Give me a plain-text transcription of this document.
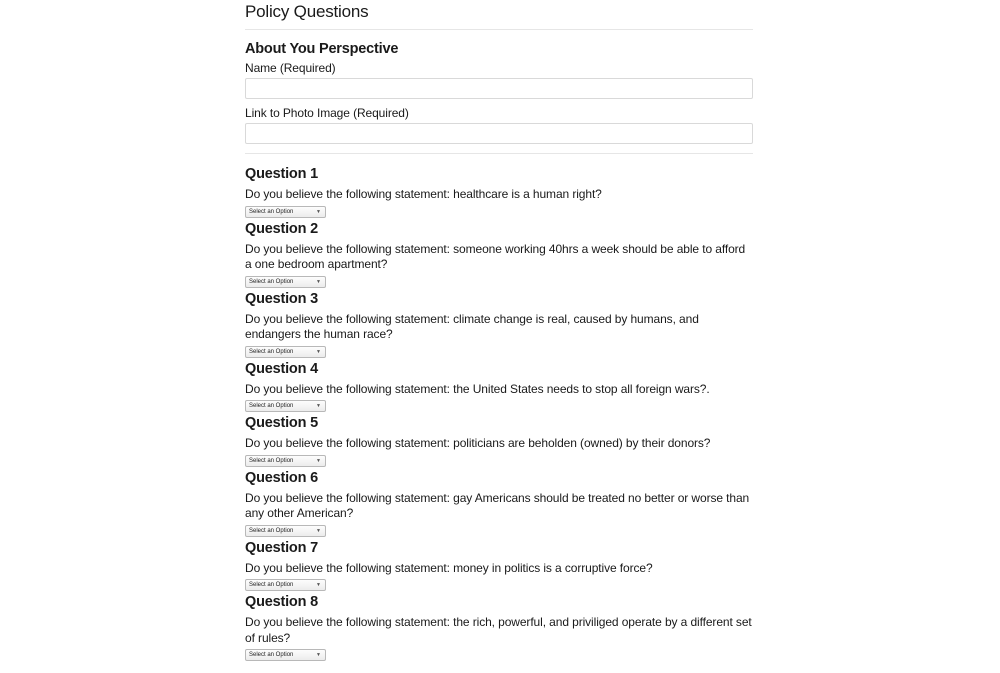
Policy Questions
About You Perspective
Name (Required)
Link to Photo Image (Required)
Question 1

Do you believe the following statement: healthcare is a human right?

Select an Option	▼
Question 2

Do you believe the following statement: someone working 40hrs a week should be able to afford a one bedroom apartment?

Select an Option	▼
Question 3

Do you believe the following statement: climate change is real, caused by humans, and endangers the human race?

Select an Option	▼
Question 4

Do you believe the following statement: the United States needs to stop all foreign wars?.

Select an Option	▼
Question 5

Do you believe the following statement: politicians are beholden (owned) by their donors?

Select an Option	▼
Question 6

Do you believe the following statement: gay Americans should be treated no better or worse than any other American?

Select an Option	▼
Question 7

Do you believe the following statement: money in politics is a corruptive force?

Select an Option	▼
Question 8

Do you believe the following statement: the rich, powerful, and priviliged operate by a different set of rules?

Select an Option	▼
